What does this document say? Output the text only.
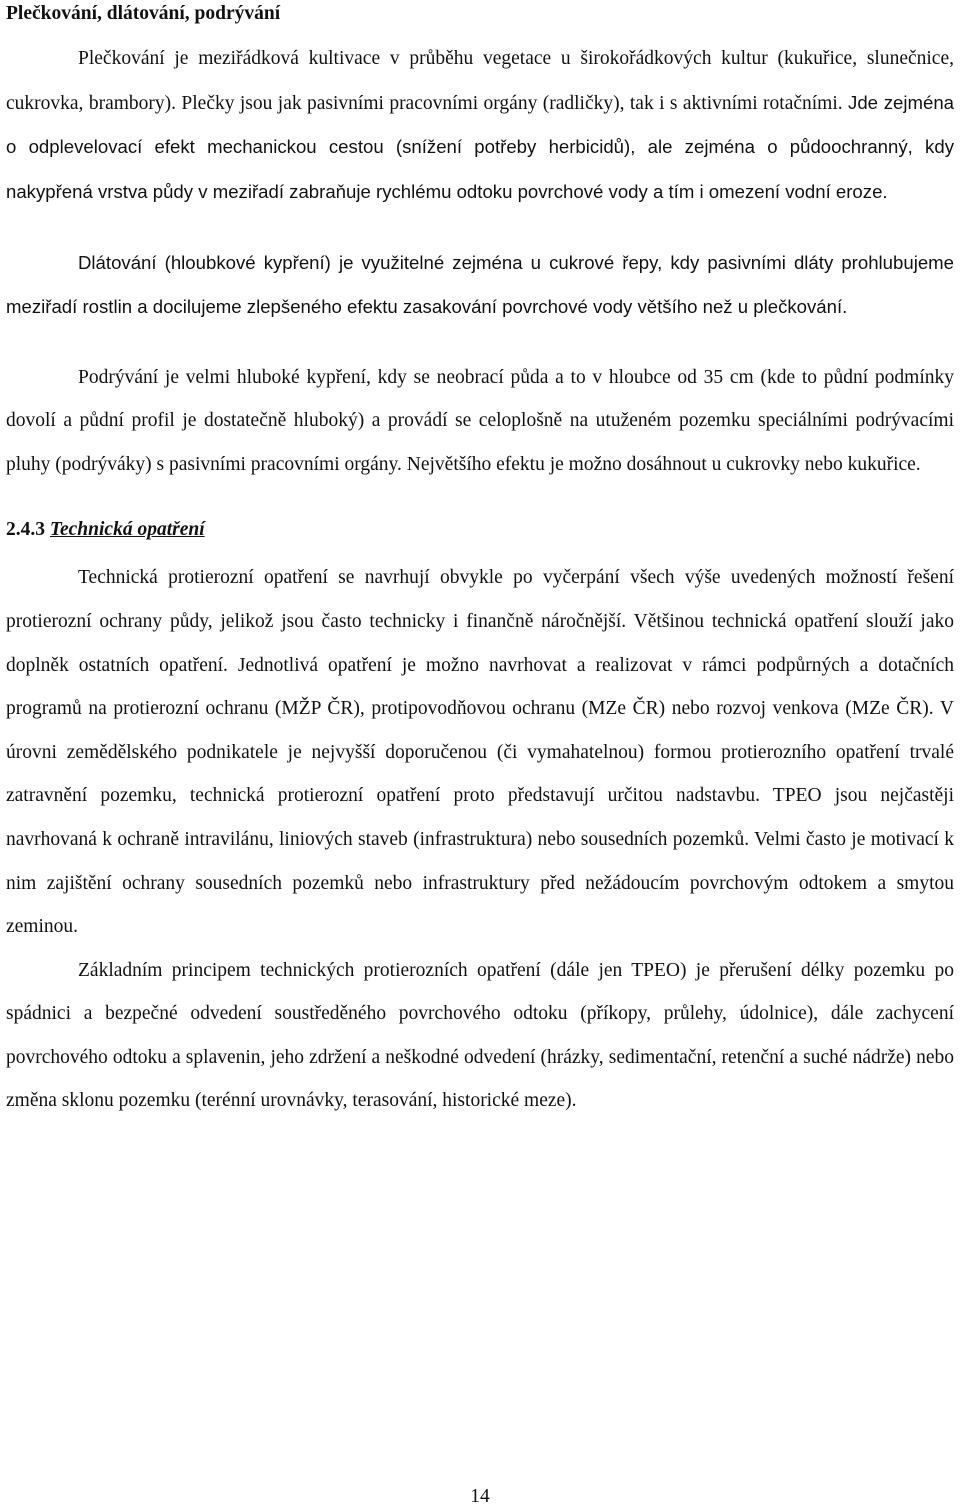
Plečkování, dlátování, podrývání

Plečkování je meziřádková kultivace v průběhu vegetace u širokořádkových kultur (kukuřice, slunečnice, cukrovka, brambory). Plečky jsou jak pasivními pracovními orgány (radličky), tak i s aktivními rotačními. Jde zejména o odplevelovací efekt mechanickou cestou (snížení potřeby herbicidů), ale zejména o půdoochranný, kdy nakypřená vrstva půdy v meziřadí zabraňuje rychlému odtoku povrchové vody a tím i omezení vodní eroze.

Dlátování (hloubkové kypření) je využitelné zejména u cukrové řepy, kdy pasivními dláty prohlubujeme meziřadí rostlin a docilujeme zlepšeného efektu zasakování povrchové vody většího než u plečkování.

Podrývání je velmi hluboké kypření, kdy se neobrací půda a to v hloubce od 35 cm (kde to půdní podmínky dovolí a půdní profil je dostatečně hluboký) a provádí se celoplošně na utuženém pozemku speciálními podrývacími pluhy (podrýváky) s pasivními pracovními orgány. Největšího efektu je možno dosáhnout u cukrovky nebo kukuřice.

2.4.3 Technická opatření

Technická protierozní opatření se navrhují obvykle po vyčerpání všech výše uvedených možností řešení protierozní ochrany půdy, jelikož jsou často technicky i finančně náročnější. Většinou technická opatření slouží jako doplněk ostatních opatření. Jednotlivá opatření je možno navrhovat a realizovat v rámci podpůrných a dotačních programů na protierozní ochranu (MŽP ČR), protipovodňovou ochranu (MZe ČR) nebo rozvoj venkova (MZe ČR). V úrovni zemědělského podnikatele je nejvyšší doporučenou (či vymahatelnou) formou protierozního opatření trvalé zatravnění pozemku, technická protierozní opatření proto představují určitou nadstavbu. TPEO jsou nejčastěji navrhovaná k ochraně intravilánu, liniových staveb (infrastruktura) nebo sousedních pozemků. Velmi často je motivací k nim zajištění ochrany sousedních pozemků nebo infrastruktury před nežádoucím povrchovým odtokem a smytou zeminou.

Základním principem technických protierozních opatření (dále jen TPEO) je přerušení délky pozemku po spádnici a bezpečné odvedení soustředěného povrchového odtoku (příkopy, průlehy, údolnice), dále zachycení povrchového odtoku a splavenin, jeho zdržení a neškodné odvedení (hrázky, sedimentační, retenční a suché nádrže) nebo změna sklonu pozemku (terénní urovnávky, terasování, historické meze).

14
